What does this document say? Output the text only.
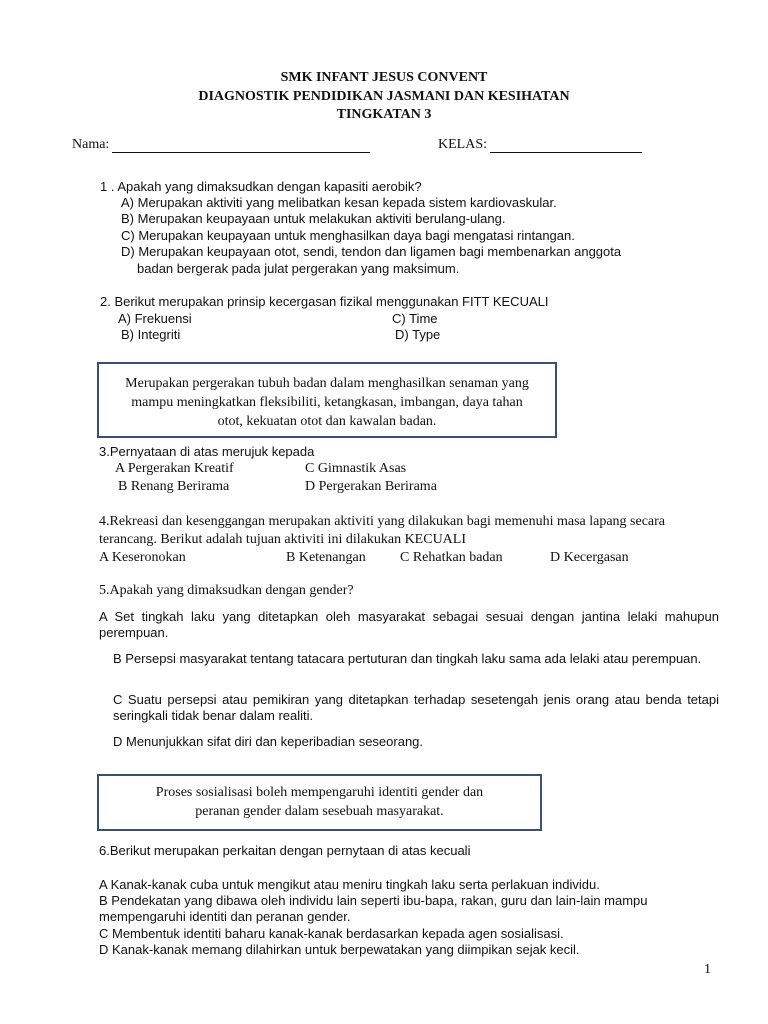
SMK INFANT JESUS CONVENT
DIAGNOSTIK PENDIDIKAN JASMANI DAN KESIHATAN
TINGKATAN 3
Nama:	KELAS:
1 . Apakah yang dimaksudkan dengan kapasiti aerobik?
A) Merupakan aktiviti yang melibatkan kesan kepada sistem kardiovaskular.
B) Merupakan keupayaan untuk melakukan aktiviti berulang-ulang.
C) Merupakan keupayaan untuk menghasilkan daya bagi mengatasi rintangan.
D) Merupakan keupayaan otot, sendi, tendon dan ligamen bagi membenarkan anggota
badan bergerak pada julat pergerakan yang maksimum.
2. Berikut merupakan prinsip kecergasan fizikal menggunakan FITT KECUALI
A) Frekuensi	C) Time
B) Integriti	D) Type
Merupakan pergerakan tubuh badan dalam menghasilkan senaman yang
mampu meningkatkan fleksibiliti, ketangkasan, imbangan, daya tahan
otot, kekuatan otot dan kawalan badan.
3.Pernyataan di atas merujuk kepada
A Pergerakan Kreatif	C Gimnastik Asas
B Renang Berirama	D Pergerakan Berirama
4.Rekreasi dan kesenggangan merupakan aktiviti yang dilakukan bagi memenuhi masa lapang secara
terancang. Berikut adalah tujuan aktiviti ini dilakukan KECUALI
A Keseronokan	B Ketenangan C Rehatkan badan	D Kecergasan
5.Apakah yang dimaksudkan dengan gender?
A Set tingkah laku yang ditetapkan oleh masyarakat sebagai sesuai dengan jantina lelaki mahupun perempuan.
B Persepsi masyarakat tentang tatacara pertuturan dan tingkah laku sama ada lelaki atau perempuan.
C Suatu persepsi atau pemikiran yang ditetapkan terhadap sesetengah jenis orang atau benda tetapi seringkali tidak benar dalam realiti.
D Menunjukkan sifat diri dan keperibadian seseorang.
Proses sosialisasi boleh mempengaruhi identiti gender dan
peranan gender dalam sesebuah masyarakat.
6.Berikut merupakan perkaitan dengan pernytaan di atas kecuali
A Kanak-kanak cuba untuk mengikut atau meniru tingkah laku serta perlakuan individu.
B Pendekatan yang dibawa oleh individu lain seperti ibu-bapa, rakan, guru dan lain-lain mampu
mempengaruhi identiti dan peranan gender.
C Membentuk identiti baharu kanak-kanak berdasarkan kepada agen sosialisasi.
D Kanak-kanak memang dilahirkan untuk berpewatakan yang diimpikan sejak kecil.
1
